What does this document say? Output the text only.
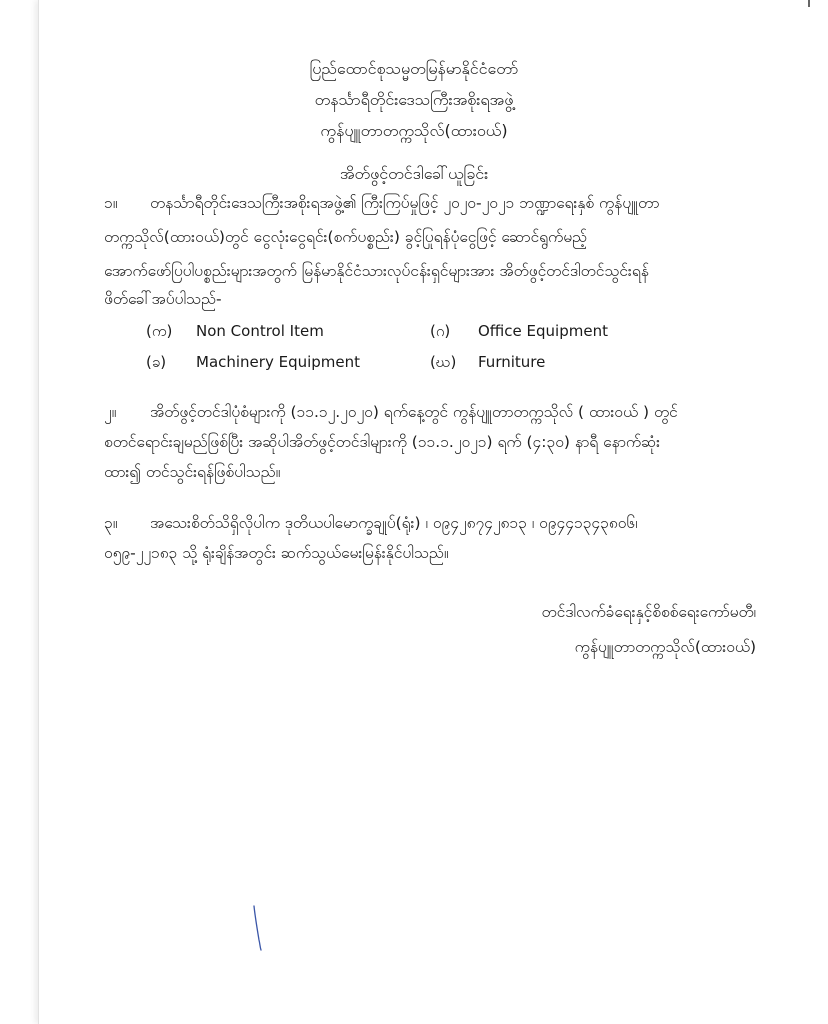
ပြည်ထောင်စုသမ္မတမြန်မာနိုင်ငံတော်
တနင်္သာရီတိုင်းဒေသကြီးအစိုးရအဖွဲ့
ကွန်ပျူတာတက္ကသိုလ်(ထားဝယ်)
အိတ်ဖွင့်တင်ဒါခေါ်ယူခြင်း
၁။ တနင်္သာရီတိုင်းဒေသကြီးအစိုးရအဖွဲ့၏ ကြီးကြပ်မှုဖြင့် ၂၀၂၀-၂၀၂၁ ဘဏ္ဍာရေးနှစ် ကွန်ပျူတာ
တက္ကသိုလ်(ထားဝယ်)တွင် ငွေလုံးငွေရင်း(စက်ပစ္စည်း) ခွင့်ပြုရန်ပုံငွေဖြင့် ဆောင်ရွက်မည့်
အောက်ဖော်ပြပါပစ္စည်းများအတွက် မြန်မာနိုင်ငံသားလုပ်ငန်းရှင်များအား အိတ်ဖွင့်တင်ဒါတင်သွင်းရန်
ဖိတ်ခေါ်အပ်ပါသည်-
(က) Non Control Item	(ဂ) Office Equipment
(ခ) Machinery Equipment	(ဃ) Furniture
၂။ အိတ်ဖွင့်တင်ဒါပုံစံများကို (၁၁.၁၂.၂၀၂၀) ရက်နေ့တွင် ကွန်ပျူတာတက္ကသိုလ် ( ထားဝယ် ) တွင်
စတင်ရောင်းချမည်ဖြစ်ပြီး အဆိုပါအိတ်ဖွင့်တင်ဒါများကို (၁၁.၁.၂၀၂၁) ရက် (၄:၃၀) နာရီ နောက်ဆုံး
ထား၍ တင်သွင်းရန်ဖြစ်ပါသည်။
၃။ အသေးစိတ်သိရှိလိုပါက ဒုတိယပါမောက္ခချုပ်(ရုံး) ၊ ၀၉၄၂၈၇၄၂၈၁၃ ၊ ၀၉၄၄၁၃၄၃၈၀၆၊
၀၅၉-၂၂၁၈၃ သို့ ရုံးချိန်အတွင်း ဆက်သွယ်မေးမြန်းနိုင်ပါသည်။
တင်ဒါလက်ခံရေးနှင့်စိစစ်ရေးကော်မတီ၊
ကွန်ပျူတာတက္ကသိုလ်(ထားဝယ်)
